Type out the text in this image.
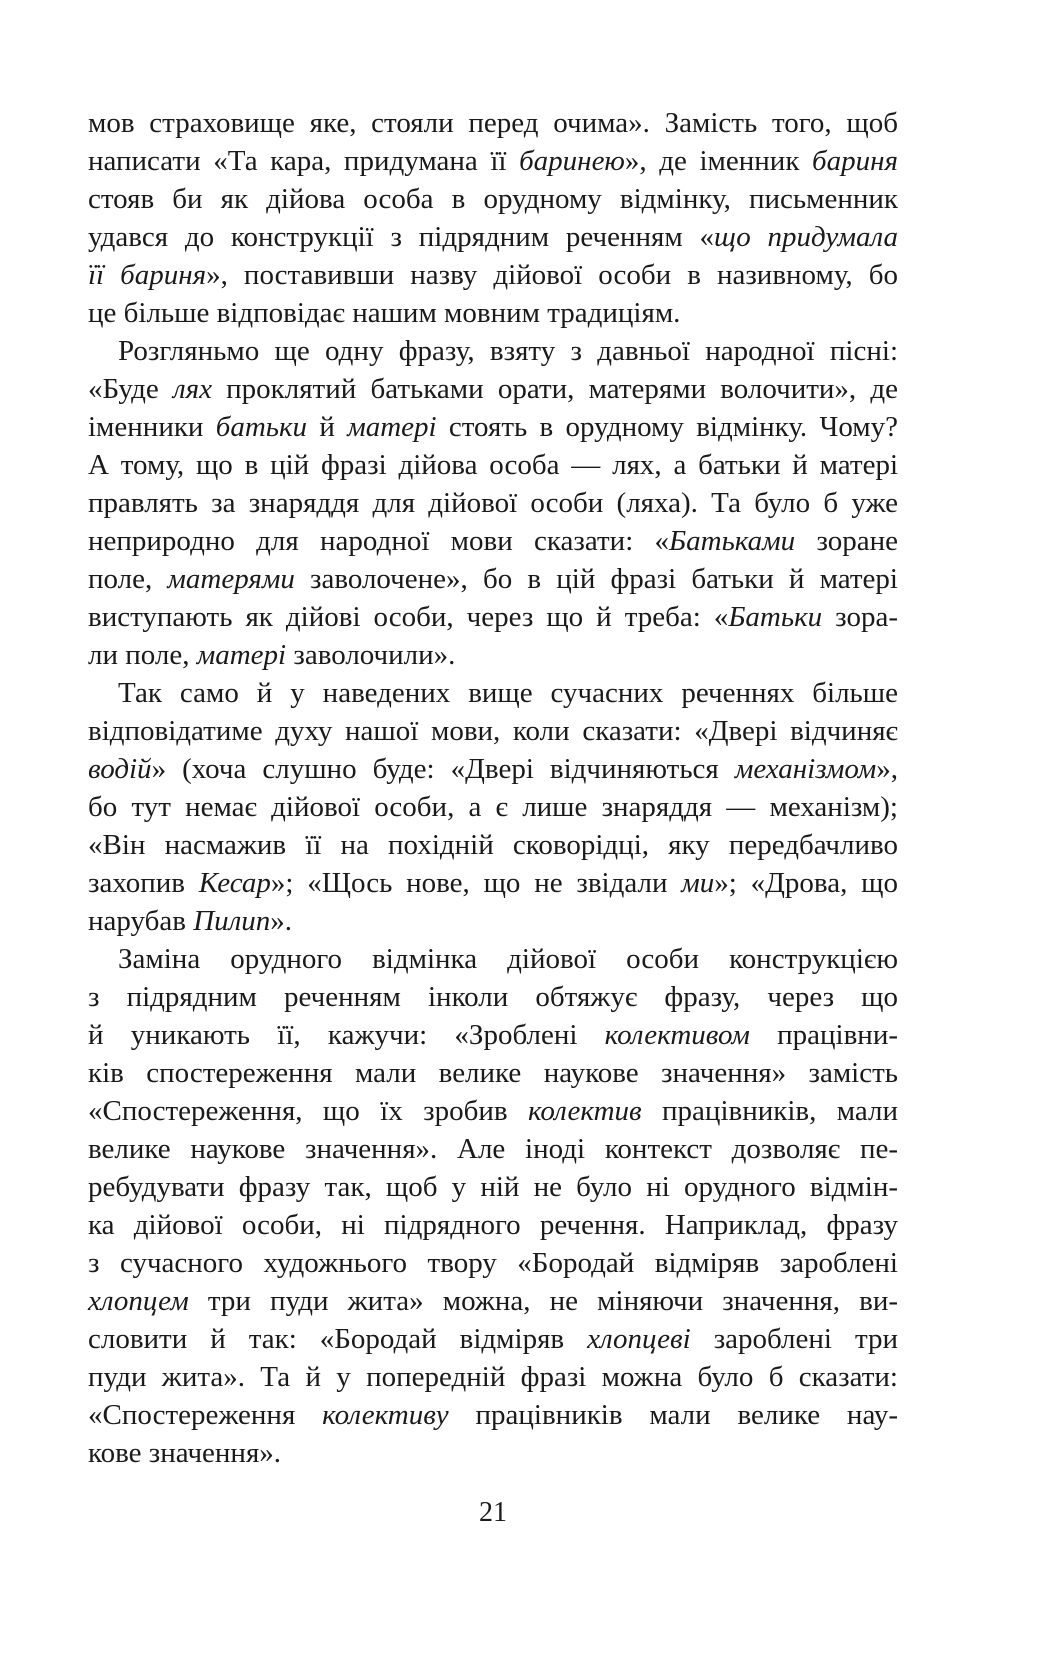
мов страховище яке, стояли перед очима». Замість того, щоб
написати «Та кара, придумана її баринею», де іменник бариня
стояв би як дійова особа в орудному відмінку, письменник
удався до конструкції з підрядним реченням «що придумала
її бариня», поставивши назву дійової особи в називному, бо
це більше відповідає нашим мовним традиціям.
Розгляньмо ще одну фразу, взяту з давньої народної пісні:
«Буде лях проклятий батьками орати, матерями волочити», де
іменники батьки й матері стоять в орудному відмінку. Чому?
А тому, що в цій фразі дійова особа — лях, а батьки й матері
правлять за знаряддя для дійової особи (ляха). Та було б уже
неприродно для народної мови сказати: «Батьками зоране
поле, матерями заволочене», бо в цій фразі батьки й матері
виступають як дійові особи, через що й треба: «Батьки зора-
ли поле, матері заволочили».
Так само й у наведених вище сучасних реченнях більше
відповідатиме духу нашої мови, коли сказати: «Двері відчиняє
водій» (хоча слушно буде: «Двері відчиняються механізмом»,
бо тут немає дійової особи, а є лише знаряддя — механізм);
«Він насмажив її на похідній сковорідці, яку передбачливо
захопив Кесар»; «Щось нове, що не звідали ми»; «Дрова, що
нарубав Пилип».
Заміна орудного відмінка дійової особи конструкцією
з підрядним реченням інколи обтяжує фразу, через що
й уникають її, кажучи: «Зроблені колективом працівни-
ків спостереження мали велике наукове значення» замість
«Спостереження, що їх зробив колектив працівників, мали
велике наукове значення». Але іноді контекст дозволяє пе-
ребудувати фразу так, щоб у ній не було ні орудного відмін-
ка дійової особи, ні підрядного речення. Наприклад, фразу
з сучасного художнього твору «Бородай відміряв зароблені
хлопцем три пуди жита» можна, не міняючи значення, ви-
словити й так: «Бородай відміряв хлопцеві зароблені три
пуди жита». Та й у попередній фразі можна було б сказати:
«Спостереження колективу працівників мали велике нау-
кове значення».
21
